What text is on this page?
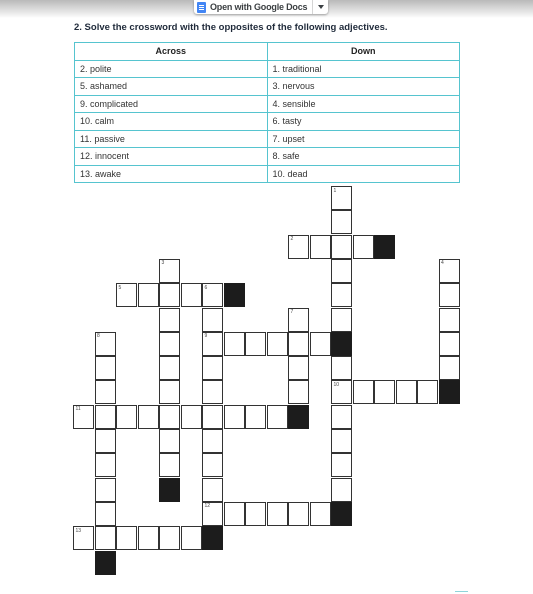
Open with Google Docs
2. Solve the crossword with the opposites of the following adjectives.
Across	Down
2. polite	1. traditional
5. ashamed	3. nervous
9. complicated	4. sensible
10. calm	6. tasty
11. passive	7. upset
12. innocent	8. safe
13. awake	10. dead
1
2
3	4
5	6
7
8	9
10
11
12
13
